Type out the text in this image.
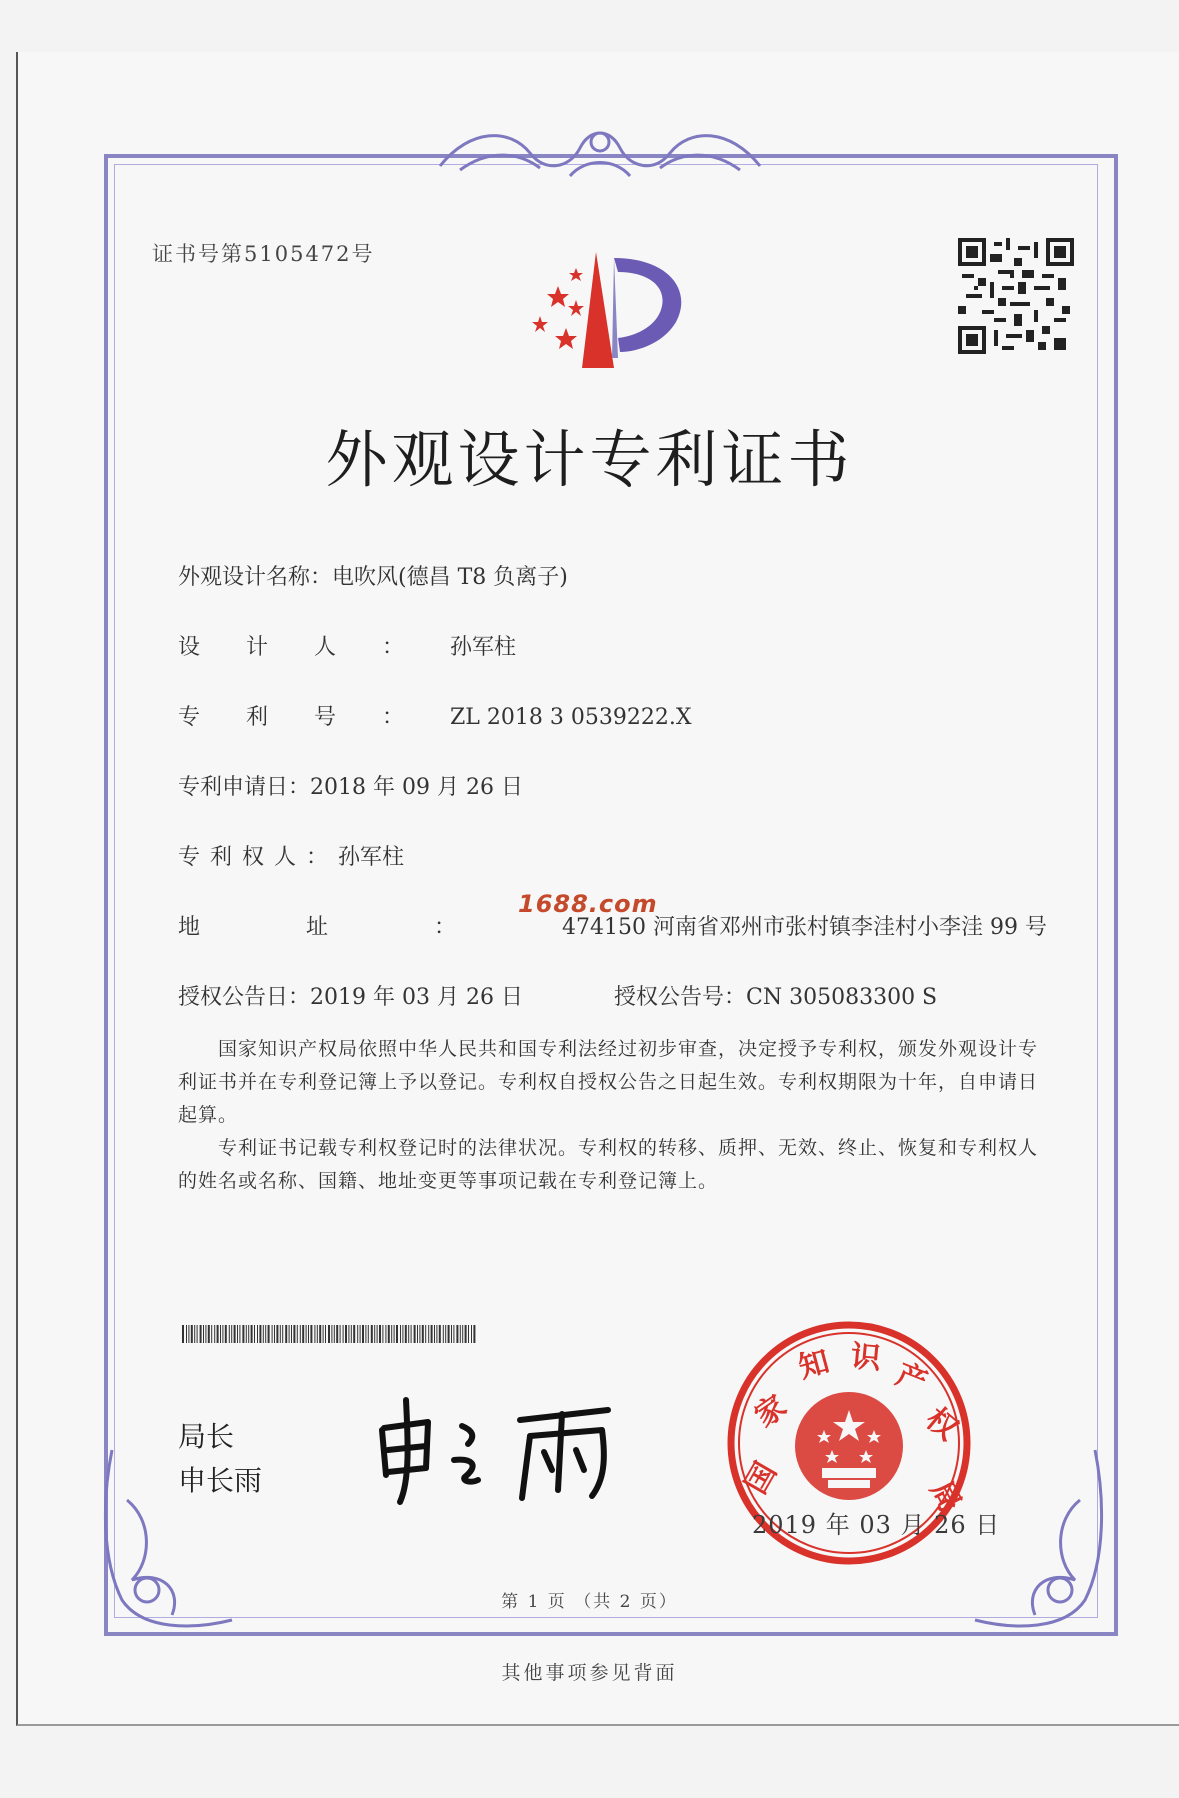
证书号第5105472号
外观设计专利证书
外观设计名称：电吹风(德昌 T8 负离子)
设计人：孙军柱
专利号：ZL 2018 3 0539222.X
专利申请日：2018 年 09 月 26 日
专利权人：孙军柱
地址：474150 河南省邓州市张村镇李洼村小李洼 99 号
授权公告日：2019 年 03 月 26 日	授权公告号：CN 305083300 S
1688.com
国家知识产权局依照中华人民共和国专利法经过初步审查，决定授予专利权，颁发外观设计专利证书并在专利登记簿上予以登记。专利权自授权公告之日起生效。专利权期限为十年，自申请日起算。
专利证书记载专利权登记时的法律状况。专利权的转移、质押、无效、终止、恢复和专利权人的姓名或名称、国籍、地址变更等事项记载在专利登记簿上。
局长
申长雨	国
家
知 识 产
权
局
2019 年 03 月 26 日
第 1 页 （共 2 页）
其他事项参见背面
